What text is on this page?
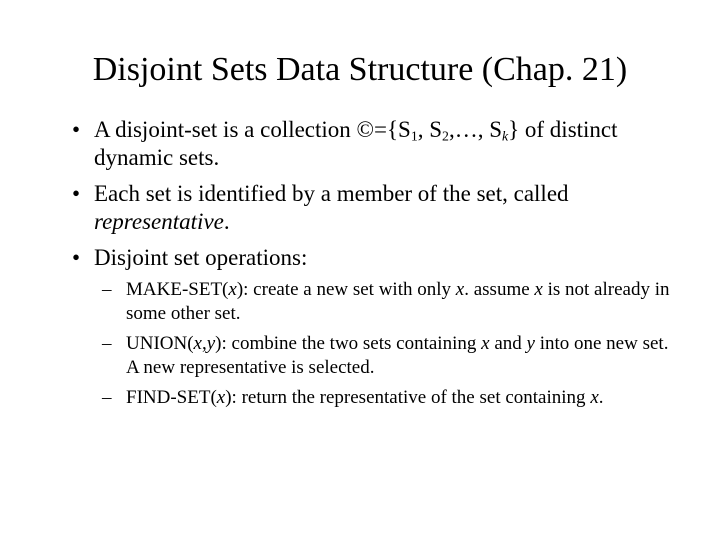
Disjoint Sets Data Structure (Chap. 21)
• A disjoint-set is a collection $©=\{S_1$, $S_2,\dots$, $S_k$} of distinct dynamic sets.
• Each set is identified by a member of the set, called representative.
• Disjoint set operations:
– MAKE-SET(x): create a new set with only x. assume x is not already in some other set.
– UNION(x,y): combine the two sets containing x and y into one new set. A new representative is selected.
– FIND-SET(x): return the representative of the set containing x.
